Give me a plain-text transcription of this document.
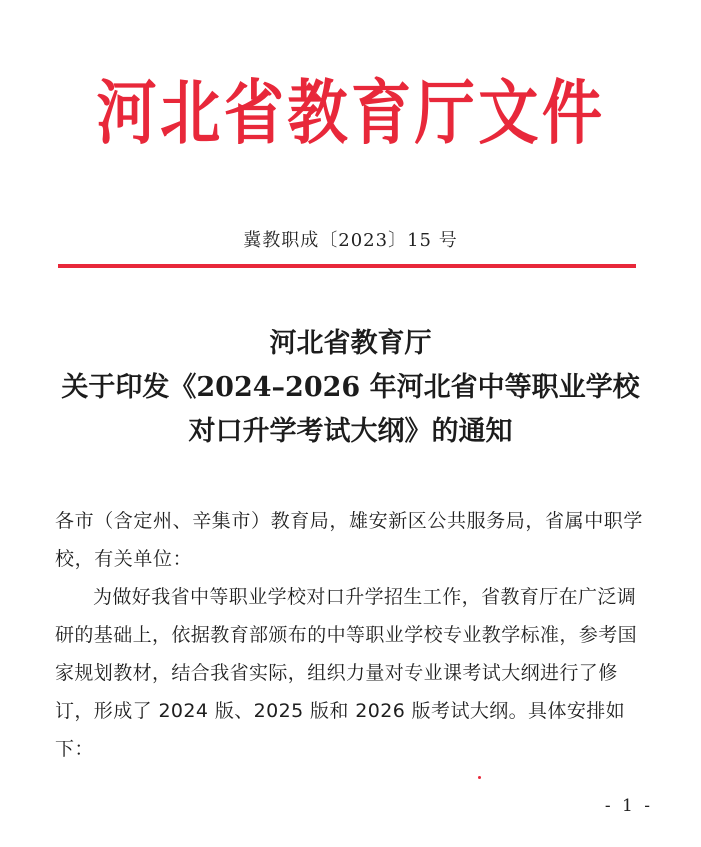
河北省教育厅文件
冀教职成〔2023〕15 号
河北省教育厅
关于印发《2024–2026 年河北省中等职业学校
对口升学考试大纲》的通知

各市（含定州、辛集市）教育局，雄安新区公共服务局，省属中职学校，有关单位：

为做好我省中等职业学校对口升学招生工作，省教育厅在广泛调研的基础上，依据教育部颁布的中等职业学校专业教学标准，参考国家规划教材，结合我省实际，组织力量对专业课考试大纲进行了修订，形成了 2024 版、2025 版和 2026 版考试大纲。具体安排如下：

- 1 -
